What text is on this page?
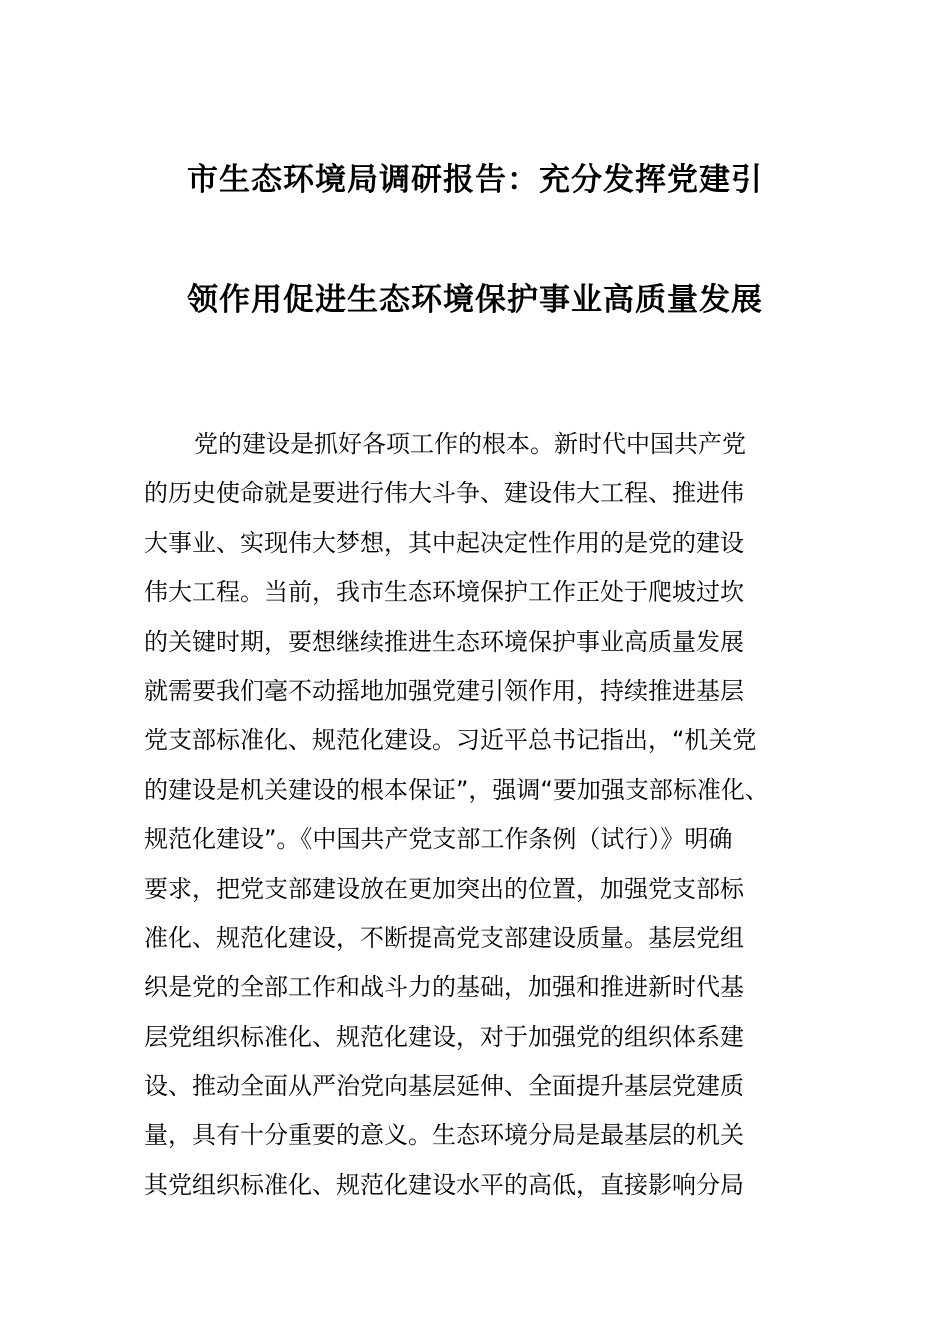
市生态环境局调研报告：充分发挥党建引
领作用促进生态环境保护事业高质量发展
党的建设是抓好各项工作的根本。新时代中国共产党
的历史使命就是要进行伟大斗争、建设伟大工程、推进伟
大事业、实现伟大梦想，其中起决定性作用的是党的建设
伟大工程。当前，我市生态环境保护工作正处于爬坡过坎
的关键时期，要想继续推进生态环境保护事业高质量发展
就需要我们毫不动摇地加强党建引领作用，持续推进基层
党支部标准化、规范化建设。习近平总书记指出，“机关党
的建设是机关建设的根本保证”，强调“要加强支部标准化、
规范化建设”。《中国共产党支部工作条例（试行）》明确
要求，把党支部建设放在更加突出的位置，加强党支部标
准化、规范化建设，不断提高党支部建设质量。基层党组
织是党的全部工作和战斗力的基础，加强和推进新时代基
层党组织标准化、规范化建设，对于加强党的组织体系建
设、推动全面从严治党向基层延伸、全面提升基层党建质
量，具有十分重要的意义。生态环境分局是最基层的机关
其党组织标准化、规范化建设水平的高低，直接影响分局
